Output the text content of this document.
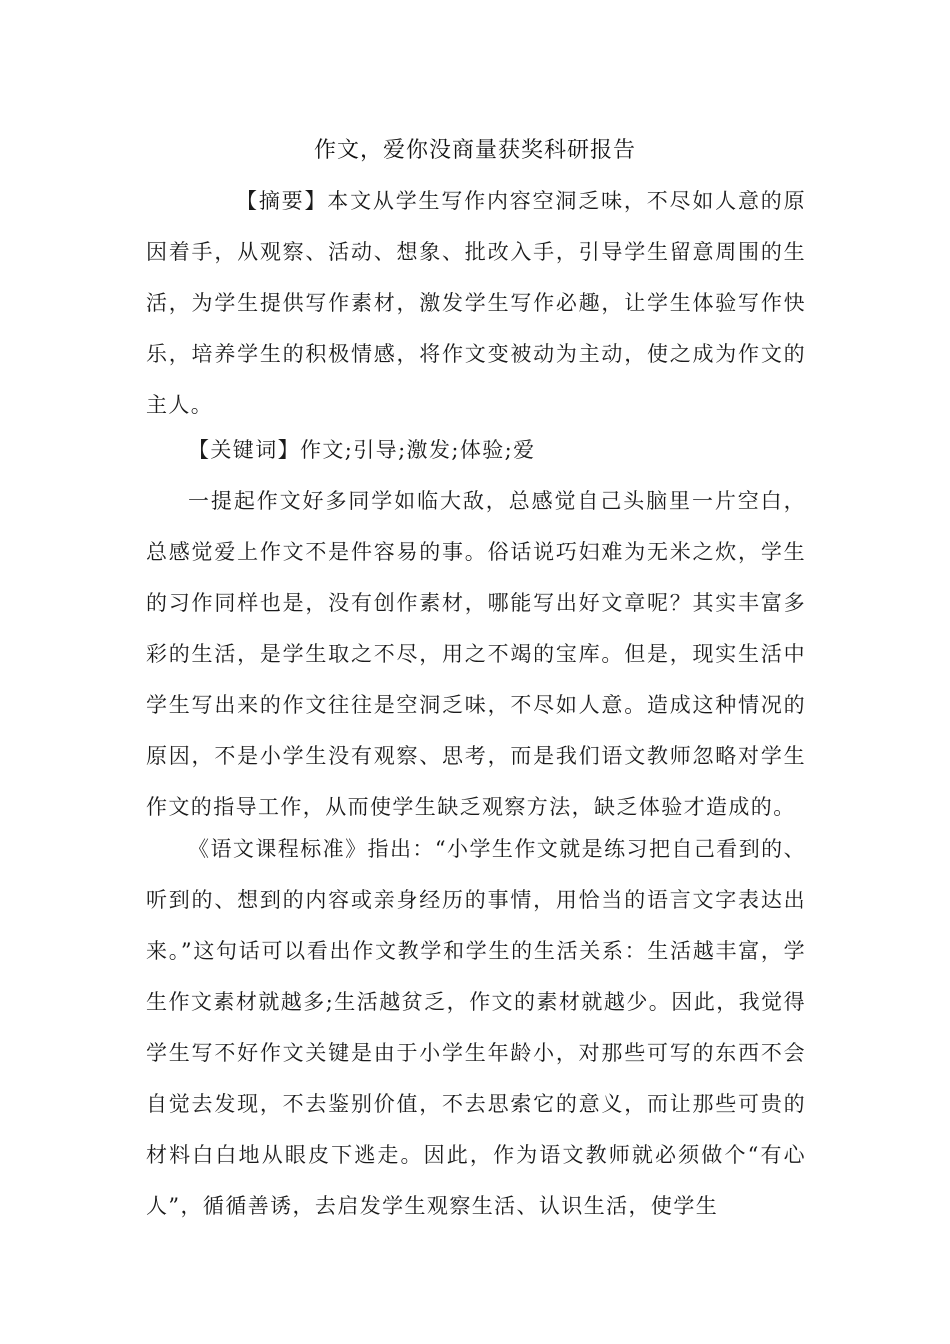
作文，爱你没商量获奖科研报告

【摘要】本文从学生写作内容空洞乏味，不尽如人意的原因着手，从观察、活动、想象、批改入手，引导学生留意周围的生活，为学生提供写作素材，激发学生写作必趣，让学生体验写作快乐，培养学生的积极情感，将作文变被动为主动，使之成为作文的主人。

【关键词】作文;引导;激发;体验;爱

一提起作文好多同学如临大敌，总感觉自己头脑里一片空白，总感觉爱上作文不是件容易的事。俗话说巧妇难为无米之炊，学生的习作同样也是，没有创作素材，哪能写出好文章呢？其实丰富多彩的生活，是学生取之不尽，用之不竭的宝库。但是，现实生活中学生写出来的作文往往是空洞乏味，不尽如人意。造成这种情况的原因，不是小学生没有观察、思考，而是我们语文教师忽略对学生作文的指导工作，从而使学生缺乏观察方法，缺乏体验才造成的。

《语文课程标准》指出：“小学生作文就是练习把自己看到的、听到的、想到的内容或亲身经历的事情，用恰当的语言文字表达出来。”这句话可以看出作文教学和学生的生活关系：生活越丰富，学生作文素材就越多;生活越贫乏，作文的素材就越少。因此，我觉得学生写不好作文关键是由于小学生年龄小，对那些可写的东西不会自觉去发现，不去鉴别价值，不去思索它的意义，而让那些可贵的材料白白地从眼皮下逃走。因此，作为语文教师就必须做个“有心人”，循循善诱，去启发学生观察生活、认识生活，使学生
